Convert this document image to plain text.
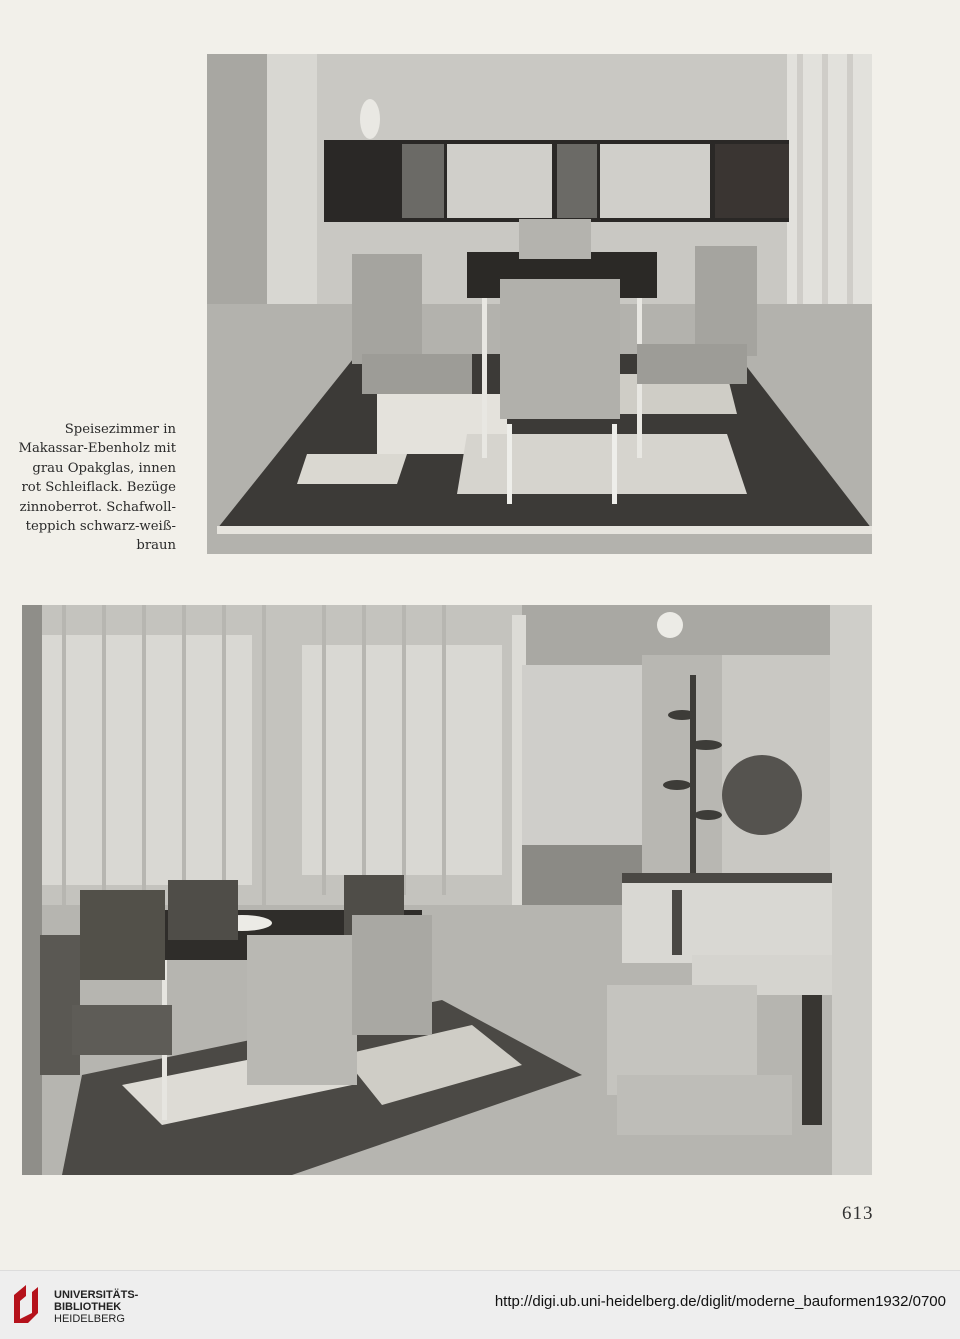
Speisezimmer in
Makassar-Ebenholz mit
grau Opakglas, innen
rot Schleiflack. Bezüge
zinnoberrot. Schafwoll-
teppich schwarz-weiß-
braun
613
UNIVERSITÄTS-
BIBLIOTHEK
HEIDELBERG
http://digi.ub.uni-heidelberg.de/diglit/moderne_bauformen1932/0700
